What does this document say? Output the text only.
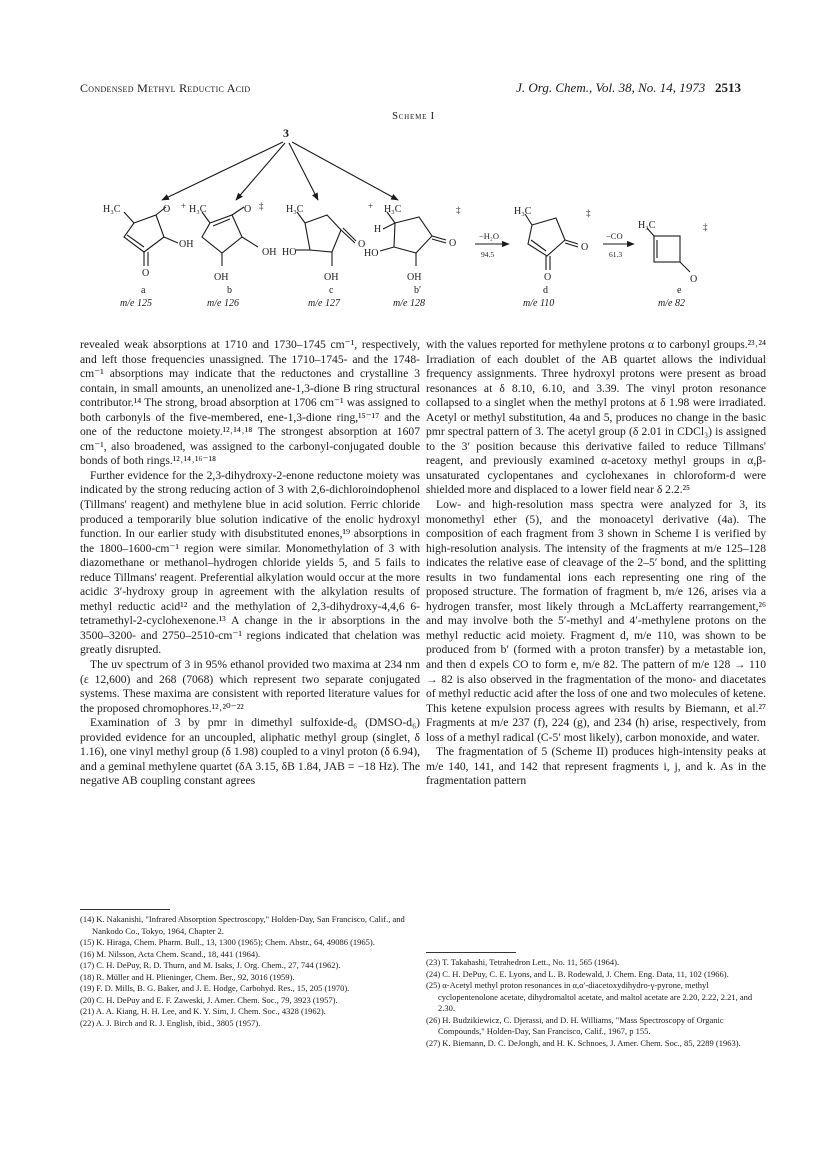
Condensed Methyl Reductic Acid	J. Org. Chem., Vol. 38, No. 14, 1973 2513
Scheme I
3
H₃C	O +
OH
O
H₃C	O ‡
OH
OH
H₃C
HO
O
OH
+ H₃C
H
HO
O
OH
‡
−H₂O
94.5
H₃C	‡
O
O
−CO
61.3
H₃C	‡
O
a
m/e 125
b
m/e 126
c
m/e 127
b′
m/e 128
d
m/e 110
e
m/e 82

revealed weak absorptions at 1710 and 1730–1745 cm⁻¹, respectively, and left those frequencies unassigned. The 1710–1745- and the 1748-cm⁻¹ absorptions may indicate that the reductones and crystalline 3 contain, in small amounts, an unenolized ane-1,3-dione B ring structural contributor.¹⁴ The strong, broad absorption at 1706 cm⁻¹ was assigned to both carbonyls of the five-membered, ene-1,3-dione ring,¹⁵⁻¹⁷ and the one of the reductone moiety.¹²˒¹⁴˒¹⁸ The strongest absorption at 1607 cm⁻¹, also broadened, was assigned to the carbonyl-conjugated double bonds of both rings.¹²˒¹⁴˒¹⁶⁻¹⁸

Further evidence for the 2,3-dihydroxy-2-enone reductone moiety was indicated by the strong reducing action of 3 with 2,6-dichloroindophenol (Tillmans' reagent) and methylene blue in acid solution. Ferric chloride produced a temporarily blue solution indicative of the enolic hydroxyl function. In our earlier study with disubstituted enones,¹⁹ absorptions in the 1800–1600-cm⁻¹ region were similar. Monomethylation of 3 with diazomethane or methanol–hydrogen chloride yields 5, and 5 fails to reduce Tillmans' reagent. Preferential alkylation would occur at the more acidic 3′-hydroxy group in agreement with the alkylation results of methyl reductic acid¹² and the methylation of 2,3-dihydroxy-4,4,6 6-tetramethyl-2-cyclohexenone.¹³ A change in the ir absorptions in the 3500–3200- and 2750–2510-cm⁻¹ regions indicated that chelation was greatly disrupted.

The uv spectrum of 3 in 95% ethanol provided two maxima at 234 nm (ε 12,600) and 268 (7068) which represent two separate conjugated systems. These maxima are consistent with reported literature values for the proposed chromophores.¹²˒²⁰⁻²²

Examination of 3 by pmr in dimethyl sulfoxide-d₆ (DMSO-d₆) provided evidence for an uncoupled, aliphatic methyl group (singlet, δ 1.16), one vinyl methyl group (δ 1.98) coupled to a vinyl proton (δ 6.94), and a geminal methylene quartet (δA 3.15, δB 1.84, JAB = −18 Hz). The negative AB coupling constant agrees

with the values reported for methylene protons α to carbonyl groups.²³˒²⁴ Irradiation of each doublet of the AB quartet allows the individual frequency assignments. Three hydroxyl protons were present as broad resonances at δ 8.10, 6.10, and 3.39. The vinyl proton resonance collapsed to a singlet when the methyl protons at δ 1.98 were irradiated. Acetyl or methyl substitution, 4a and 5, produces no change in the basic pmr spectral pattern of 3. The acetyl group (δ 2.01 in CDCl₃) is assigned to the 3′ position because this derivative failed to reduce Tillmans' reagent, and previously examined α-acetoxy methyl groups in α,β-unsaturated cyclopentanes and cyclohexanes in chloroform-d were shielded more and displaced to a lower field near δ 2.2.²⁵

Low- and high-resolution mass spectra were analyzed for 3, its monomethyl ether (5), and the monoacetyl derivative (4a). The composition of each fragment from 3 shown in Scheme I is verified by high-resolution analysis. The intensity of the fragments at m/e 125–128 indicates the relative ease of cleavage of the 2–5′ bond, and the splitting results in two fundamental ions each representing one ring of the proposed structure. The formation of fragment b, m/e 126, arises via a hydrogen transfer, most likely through a McLafferty rearrangement,²⁶ and may involve both the 5′-methyl and 4′-methylene protons on the methyl reductic acid moiety. Fragment d, m/e 110, was shown to be produced from b′ (formed with a proton transfer) by a metastable ion, and then d expels CO to form e, m/e 82. The pattern of m/e 128 → 110 → 82 is also observed in the fragmentation of the mono- and diacetates of methyl reductic acid after the loss of one and two molecules of ketene. This ketene expulsion process agrees with results by Biemann, et al.²⁷ Fragments at m/e 237 (f), 224 (g), and 234 (h) arise, respectively, from loss of a methyl radical (C-5′ most likely), carbon monoxide, and water.

The fragmentation of 5 (Scheme II) produces high-intensity peaks at m/e 140, 141, and 142 that represent fragments i, j, and k. As in the fragmentation pattern

(14) K. Nakanishi, "Infrared Absorption Spectroscopy," Holden-Day, San Francisco, Calif., and Nankodo Co., Tokyo, 1964, Chapter 2.
(15) K. Hiraga, Chem. Pharm. Bull., 13, 1300 (1965); Chem. Abstr., 64, 49086 (1965).
(16) M. Nilsson, Acta Chem. Scand., 18, 441 (1964).
(17) C. H. DePuy, R. D. Thurn, and M. Isaks, J. Org. Chem., 27, 744 (1962).
(18) R. Müller and H. Plieninger, Chem. Ber., 92, 3016 (1959).
(19) F. D. Mills, B. G. Baker, and J. E. Hodge, Carbohyd. Res., 15, 205 (1970).
(20) C. H. DePuy and E. F. Zaweski, J. Amer. Chem. Soc., 79, 3923 (1957).
(21) A. A. Kiang, H. H. Lee, and K. Y. Sim, J. Chem. Soc., 4328 (1962).
(22) A. J. Birch and R. J. English, ibid., 3805 (1957).
(23) T. Takahashi, Tetrahedron Lett., No. 11, 565 (1964).
(24) C. H. DePuy, C. E. Lyons, and L. B. Rodewald, J. Chem. Eng. Data, 11, 102 (1966).
(25) α-Acetyl methyl proton resonances in α,α′-diacetoxydihydro-γ-pyrone, methyl cyclopentenolone acetate, dihydromaltol acetate, and maltol acetate are 2.20, 2.22, 2.21, and 2.30.
(26) H. Budzikiewicz, C. Djerassi, and D. H. Williams, "Mass Spectroscopy of Organic Compounds," Holden-Day, San Francisco, Calif., 1967, p 155.
(27) K. Biemann, D. C. DeJongh, and H. K. Schnoes, J. Amer. Chem. Soc., 85, 2289 (1963).
